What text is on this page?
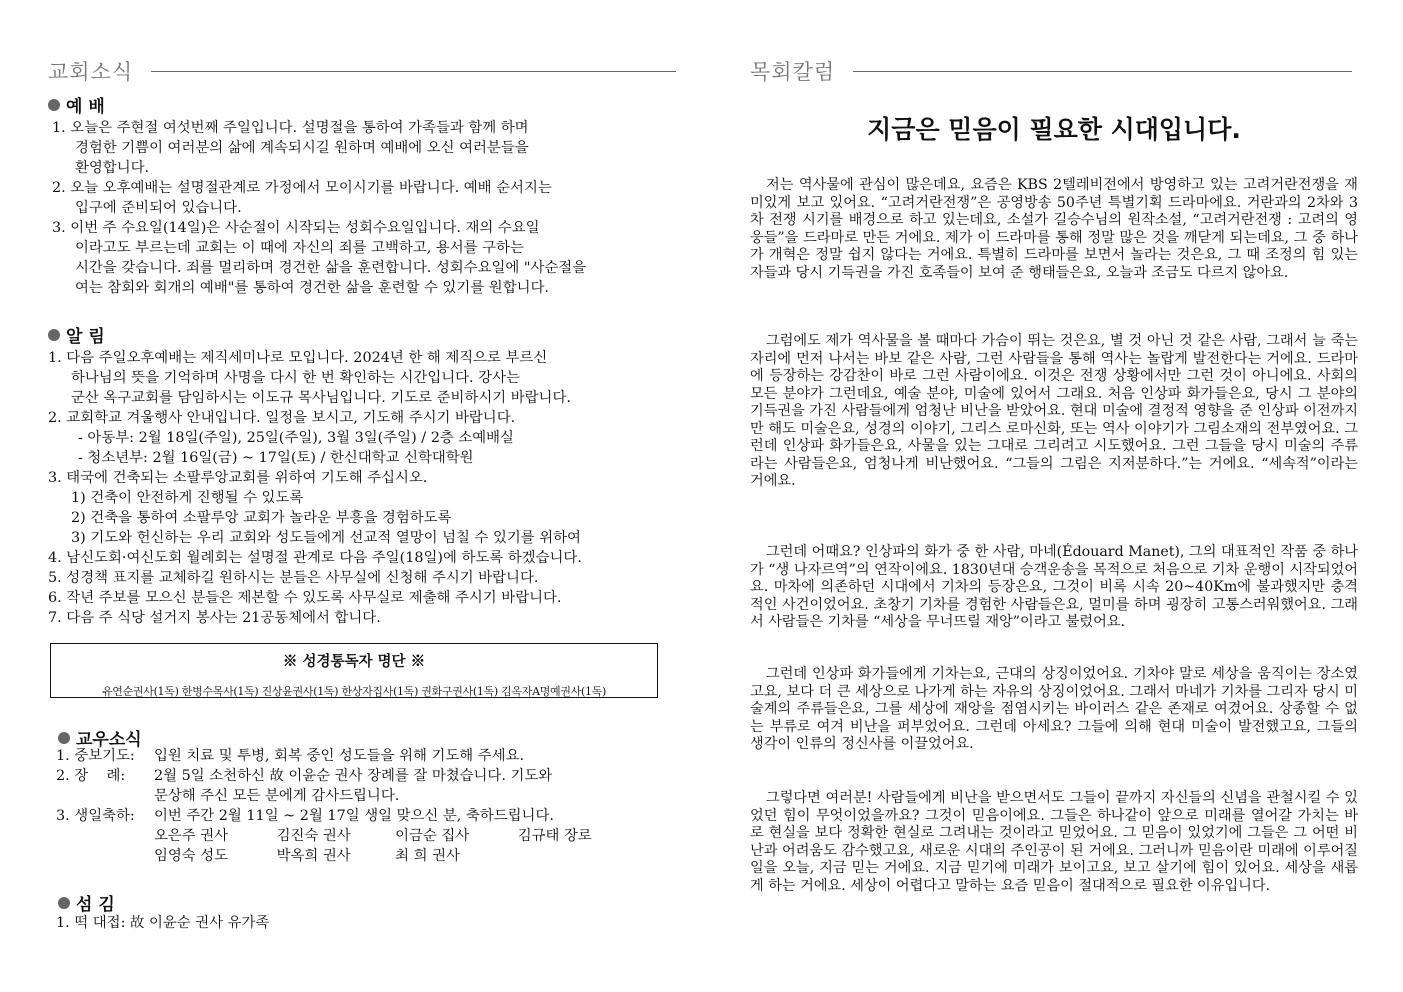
교회소식	목회칼럼
예 배
1. 오늘은 주현절 여섯번째 주일입니다. 설명절을 통하여 가족들과 함께 하며
경험한 기쁨이 여러분의 삶에 계속되시길 원하며 예배에 오신 여러분들을
환영합니다.
2. 오늘 오후예배는 설명절관계로 가정에서 모이시기를 바랍니다. 예배 순서지는
입구에 준비되어 있습니다.
3. 이번 주 수요일(14일)은 사순절이 시작되는 성회수요일입니다. 재의 수요일
이라고도 부르는데 교회는 이 때에 자신의 죄를 고백하고, 용서를 구하는
시간을 갖습니다. 죄를 멀리하며 경건한 삶을 훈련합니다. 성회수요일에 "사순절을
여는 참회와 회개의 예배"를 통하여 경건한 삶을 훈련할 수 있기를 원합니다.
알 림
1. 다음 주일오후예배는 제직세미나로 모입니다. 2024년 한 해 제직으로 부르신
하나님의 뜻을 기억하며 사명을 다시 한 번 확인하는 시간입니다. 강사는
군산 옥구교회를 담임하시는 이도규 목사님입니다. 기도로 준비하시기 바랍니다.
2. 교회학교 겨울행사 안내입니다. 일정을 보시고, 기도해 주시기 바랍니다.
- 아동부: 2월 18일(주일), 25일(주일), 3월 3일(주일) / 2층 소예배실
- 청소년부: 2월 16일(금) ~ 17일(토) / 한신대학교 신학대학원
3. 태국에 건축되는 소팔루앙교회를 위하여 기도해 주십시오.
1) 건축이 안전하게 진행될 수 있도록
2) 건축을 통하여 소팔루앙 교회가 놀라운 부흥을 경험하도록
3) 기도와 헌신하는 우리 교회와 성도들에게 선교적 열망이 넘칠 수 있기를 위하여
4. 남신도회·여신도회 월례회는 설명절 관계로 다음 주일(18일)에 하도록 하겠습니다.
5. 성경책 표지를 교체하길 원하시는 분들은 사무실에 신청해 주시기 바랍니다.
6. 작년 주보를 모으신 분들은 제본할 수 있도록 사무실로 제출해 주시기 바랍니다.
7. 다음 주 식당 설거지 봉사는 21공동체에서 합니다.
※ 성경통독자 명단 ※
유연순권사(1독) 한병수목사(1독) 진상윤권사(1독) 한상자집사(1독) 권화구권사(1독) 김옥자A명예권사(1독)
교우소식
1. 중보기도: 입원 치료 및 투병, 회복 중인 성도들을 위해 기도해 주세요.
2. 장    례: 2월 5일 소천하신 故 이윤순 권사 장례를 잘 마쳤습니다. 기도와
문상해 주신 모든 분에게 감사드립니다.
3. 생일축하: 이번 주간 2월 11일 ~ 2월 17일 생일 맞으신 분, 축하드립니다.
오은주 권사	김진숙 권사	이금순 집사	김규태 장로
임영숙 성도	박옥희 권사	최 희 권사
섬 김
1. 떡 대접: 故 이윤순 권사 유가족
지금은 믿음이 필요한 시대입니다.

저는 역사물에 관심이 많은데요, 요즘은 KBS 2텔레비전에서 방영하고 있는 고려거란전쟁을 재미있게 보고 있어요. “고려거란전쟁”은 공영방송 50주년 특별기획 드라마에요. 거란과의 2차와 3차 전쟁 시기를 배경으로 하고 있는데요, 소설가 길승수님의 원작소설, “고려거란전쟁 : 고려의 영웅들”을 드라마로 만든 거에요. 제가 이 드라마를 통해 정말 많은 것을 깨닫게 되는데요, 그 중 하나가 개혁은 정말 쉽지 않다는 거에요. 특별히 드라마를 보면서 놀라는 것은요, 그 때 조정의 힘 있는 자들과 당시 기득권을 가진 호족들이 보여 준 행태들은요, 오늘과 조금도 다르지 않아요.

그럼에도 제가 역사물을 볼 때마다 가슴이 뛰는 것은요, 별 것 아닌 것 같은 사람, 그래서 늘 죽는 자리에 먼저 나서는 바보 같은 사람, 그런 사람들을 통해 역사는 놀랍게 발전한다는 거에요. 드라마에 등장하는 강감찬이 바로 그런 사람이에요. 이것은 전쟁 상황에서만 그런 것이 아니에요. 사회의 모든 분야가 그런데요, 예술 분야, 미술에 있어서 그래요. 처음 인상파 화가들은요, 당시 그 분야의 기득권을 가진 사람들에게 엄청난 비난을 받았어요. 현대 미술에 결정적 영향을 준 인상파 이전까지만 해도 미술은요, 성경의 이야기, 그리스 로마신화, 또는 역사 이야기가 그림소재의 전부였어요. 그런데 인상파 화가들은요, 사물을 있는 그대로 그리려고 시도했어요. 그런 그들을 당시 미술의 주류라는 사람들은요, 엄청나게 비난했어요. “그들의 그림은 지저분하다.”는 거에요. “세속적”이라는 거에요.

그런데 어때요? 인상파의 화가 중 한 사람, 마네(Édouard Manet), 그의 대표적인 작품 중 하나가 “생 나자르역”의 연작이에요. 1830년대 승객운송을 목적으로 처음으로 기차 운행이 시작되었어요. 마차에 의존하던 시대에서 기차의 등장은요, 그것이 비록 시속 20~40Km에 불과했지만 충격적인 사건이었어요. 초창기 기차를 경험한 사람들은요, 멀미를 하며 굉장히 고통스러워했어요. 그래서 사람들은 기차를 “세상을 무너뜨릴 재앙”이라고 불렀어요.

그런데 인상파 화가들에게 기차는요, 근대의 상징이었어요. 기차야 말로 세상을 움직이는 장소였고요, 보다 더 큰 세상으로 나가게 하는 자유의 상징이었어요. 그래서 마네가 기차를 그리자 당시 미술계의 주류들은요, 그를 세상에 재앙을 점염시키는 바이러스 같은 존재로 여겼어요. 상종할 수 없는 부류로 여겨 비난을 퍼부었어요. 그런데 아세요? 그들에 의해 현대 미술이 발전했고요, 그들의 생각이 인류의 정신사를 이끌었어요.

그렇다면 여러분! 사람들에게 비난을 받으면서도 그들이 끝까지 자신들의 신념을 관철시킬 수 있었던 힘이 무엇이었을까요? 그것이 믿음이에요. 그들은 하나같이 앞으로 미래를 열어갈 가치는 바로 현실을 보다 정확한 현실로 그려내는 것이라고 믿었어요. 그 믿음이 있었기에 그들은 그 어떤 비난과 어려움도 감수했고요, 새로운 시대의 주인공이 된 거에요. 그러니까 믿음이란 미래에 이루어질 일을 오늘, 지금 믿는 거에요. 지금 믿기에 미래가 보이고요, 보고 살기에 힘이 있어요. 세상을 새롭게 하는 거에요. 세상이 어렵다고 말하는 요즘 믿음이 절대적으로 필요한 이유입니다.
